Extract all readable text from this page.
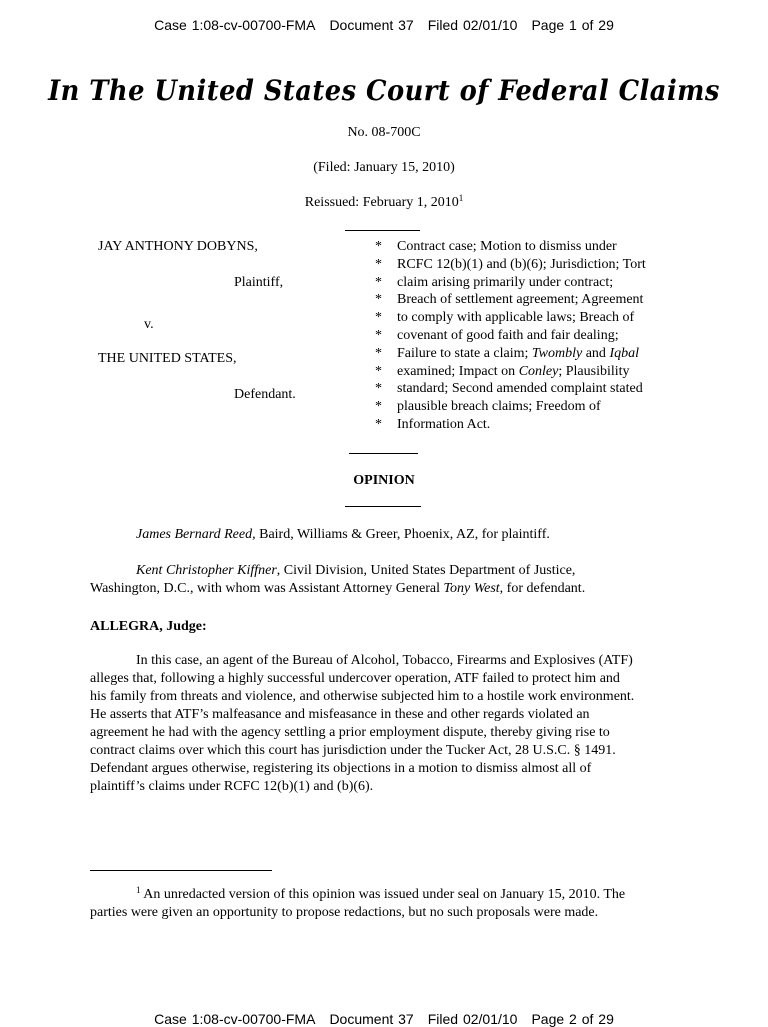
Case 1:08-cv-00700-FMA Document 37 Filed 02/01/10 Page 1 of 29
In The United States Court of Federal Claims
No. 08-700C
(Filed: January 15, 2010)
Reissued: February 1, 2010$^1$
JAY ANTHONY DOBYNS,
Plaintiff,
v.
THE UNITED STATES,
Defendant.
*	Contract case; Motion to dismiss under
*	RCFC 12(b)(1) and (b)(6); Jurisdiction; Tort
*	claim arising primarily under contract;
*	Breach of settlement agreement; Agreement
*	to comply with applicable laws; Breach of
*	covenant of good faith and fair dealing;
*	Failure to state a claim; Twombly and Iqbal
*	examined; Impact on Conley; Plausibility
*	standard; Second amended complaint stated
*	plausible breach claims; Freedom of
*	Information Act.
OPINION
James Bernard Reed, Baird, Williams & Greer, Phoenix, AZ, for plaintiff.
Kent Christopher Kiffner, Civil Division, United States Department of Justice,
Washington, D.C., with whom was Assistant Attorney General Tony West, for defendant.
ALLEGRA, Judge:
In this case, an agent of the Bureau of Alcohol, Tobacco, Firearms and Explosives (ATF)
alleges that, following a highly successful undercover operation, ATF failed to protect him and
his family from threats and violence, and otherwise subjected him to a hostile work environment.
He asserts that ATF’s malfeasance and misfeasance in these and other regards violated an
agreement he had with the agency settling a prior employment dispute, thereby giving rise to
contract claims over which this court has jurisdiction under the Tucker Act, 28 U.S.C. § 1491.
Defendant argues otherwise, registering its objections in a motion to dismiss almost all of
plaintiff’s claims under RCFC 12(b)(1) and (b)(6).
$^1$ An unredacted version of this opinion was issued under seal on January 15, 2010. The
parties were given an opportunity to propose redactions, but no such proposals were made.
Case 1:08-cv-00700-FMA Document 37 Filed 02/01/10 Page 2 of 29
